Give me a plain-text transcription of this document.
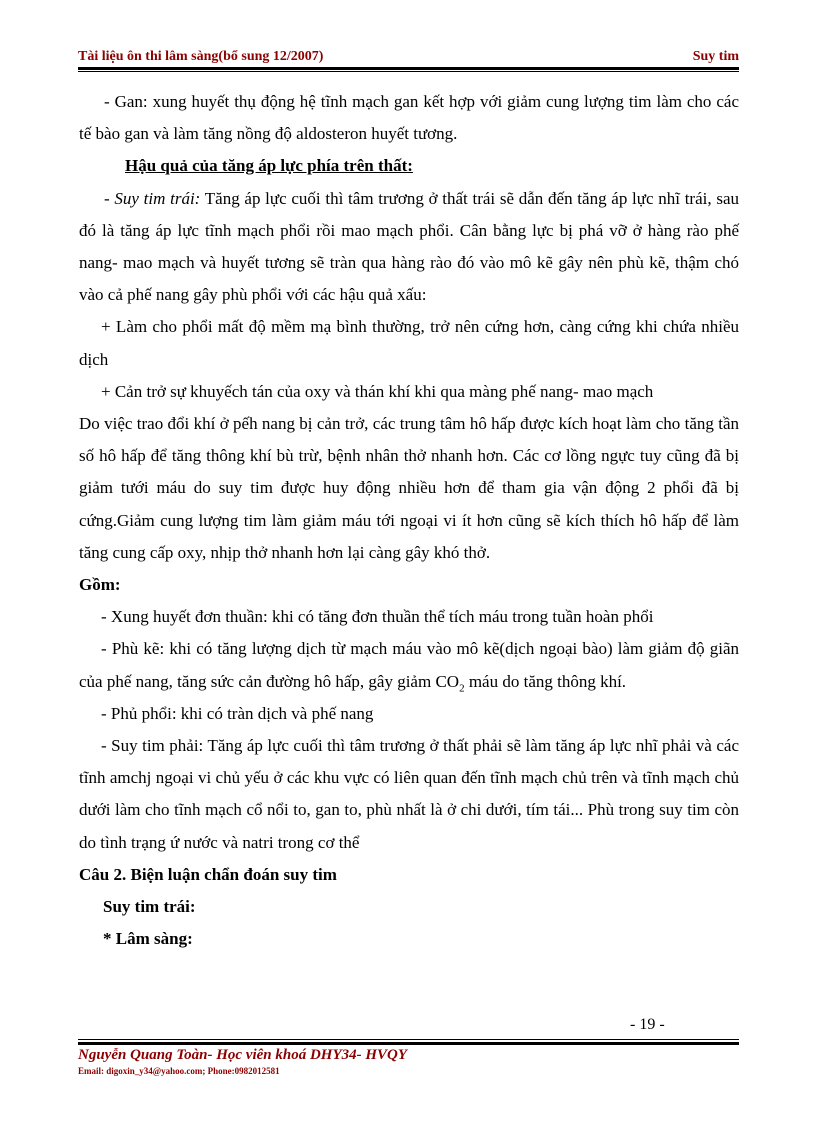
Tài liệu ôn thi lâm sàng(bổ sung 12/2007)	Suy tim

- Gan: xung huyết thụ động hệ tĩnh mạch gan kết hợp với giảm cung lượng tim làm cho các tế bào gan và làm tăng nồng độ aldosteron huyết tương.

Hậu quả của tăng áp lực phía trên thất:

- Suy tim trái: Tăng áp lực cuối thì tâm trương ở thất trái sẽ dẫn đến tăng áp lực nhĩ trái, sau đó là tăng áp lực tĩnh mạch phổi rồi mao mạch phổi. Cân bằng lực bị phá vỡ ở hàng rào phế nang- mao mạch và huyết tương sẽ tràn qua hàng rào đó vào mô kẽ gây nên phù kẽ, thậm chó vào cả phế nang gây phù phổi với các hậu quả xấu:

+ Làm cho phổi mất độ mềm mạ bình thường, trở nên cứng hơn, càng cứng khi chứa nhiều dịch

+ Cản trở sự khuyếch tán của oxy và thán khí khi qua màng phế nang- mao mạch

Do việc trao đổi khí ở pếh nang bị cản trở, các trung tâm hô hấp được kích hoạt làm cho tăng tần số hô hấp để tăng thông khí bù trừ, bệnh nhân thở nhanh hơn. Các cơ lồng ngực tuy cũng đã bị giảm tưới máu do suy tim được huy động nhiều hơn để tham gia vận động 2 phổi đã bị cứng.Giảm cung lượng tim làm giảm máu tới ngoại vi ít hơn cũng sẽ kích thích hô hấp để làm tăng cung cấp oxy, nhịp thở nhanh hơn lại càng gây khó thở.

Gồm:

- Xung huyết đơn thuần: khi có tăng đơn thuần thể tích máu trong tuần hoàn phổi

- Phù kẽ: khi có tăng lượng dịch từ mạch máu vào mô kẽ(dịch ngoại bào) làm giảm độ giãn của phế nang, tăng sức cản đường hô hấp, gây giảm $CO_2$ máu do tăng thông khí.

- Phủ phổi: khi có tràn dịch và phế nang

- Suy tim phải: Tăng áp lực cuối thì tâm trương ở thất phải sẽ làm tăng áp lực nhĩ phải và các tĩnh amchj ngoại vi chủ yếu ở các khu vực có liên quan đến tĩnh mạch chủ trên và tĩnh mạch chủ dưới làm cho tĩnh mạch cổ nổi to, gan to, phù nhất là ở chi dưới, tím tái... Phù trong suy tim còn do tình trạng ứ nước và natri trong cơ thể

Câu 2. Biện luận chẩn đoán suy tim

Suy tim trái:

* Lâm sàng:

- 19 -
Nguyễn Quang Toàn- Học viên khoá DHY34- HVQY
Email: digoxin_y34@yahoo.com; Phone:0982012581
